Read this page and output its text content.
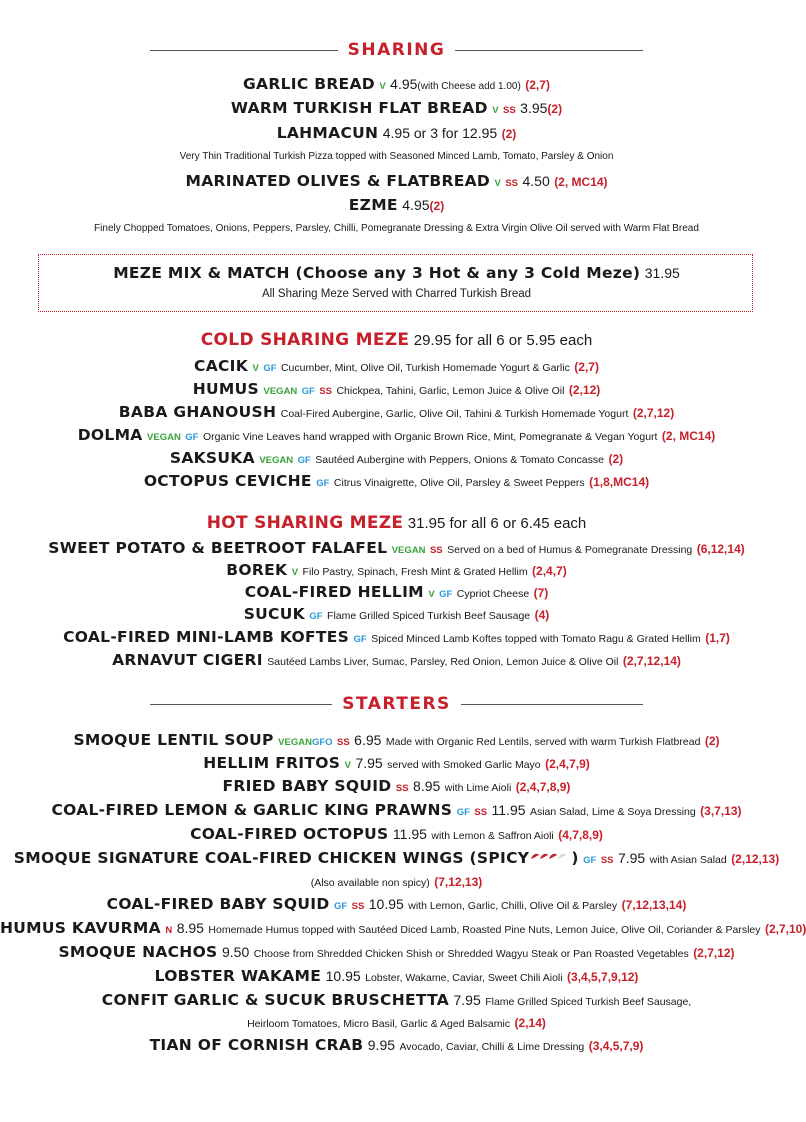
SHARING
GARLIC BREAD V 4.95(with Cheese add 1.00) (2,7)
WARM TURKISH FLAT BREAD V SS 3.95(2)
LAHMACUN 4.95 or 3 for 12.95 (2)
Very Thin Traditional Turkish Pizza topped with Seasoned Minced Lamb, Tomato, Parsley & Onion
MARINATED OLIVES & FLATBREAD V SS 4.50 (2, MC14)
EZME 4.95(2)
Finely Chopped Tomatoes, Onions, Peppers, Parsley, Chilli, Pomegranate Dressing & Extra Virgin Olive Oil served with Warm Flat Bread
MEZE MIX & MATCH (Choose any 3 Hot & any 3 Cold Meze) 31.95
All Sharing Meze Served with Charred Turkish Bread
COLD SHARING MEZE 29.95 for all 6 or 5.95 each
CACIK V GF Cucumber, Mint, Olive Oil, Turkish Homemade Yogurt & Garlic (2,7)
HUMUS VEGAN GF SS Chickpea, Tahini, Garlic, Lemon Juice & Olive Oil (2,12)
BABA GHANOUSH Coal-Fired Aubergine, Garlic, Olive Oil, Tahini & Turkish Homemade Yogurt (2,7,12)
DOLMA VEGAN GF Organic Vine Leaves hand wrapped with Organic Brown Rice, Mint, Pomegranate & Vegan Yogurt (2, MC14)
SAKSUKA VEGAN GF Sautéed Aubergine with Peppers, Onions & Tomato Concasse (2)
OCTOPUS CEVICHE GF Citrus Vinaigrette, Olive Oil, Parsley & Sweet Peppers (1,8,MC14)
HOT SHARING MEZE 31.95 for all 6 or 6.45 each
SWEET POTATO & BEETROOT FALAFEL VEGAN SS Served on a bed of Humus & Pomegranate Dressing (6,12,14)
BOREK V Filo Pastry, Spinach, Fresh Mint & Grated Hellim (2,4,7)
COAL-FIRED HELLIM V GF Cypriot Cheese (7)
SUCUK GF Flame Grilled Spiced Turkish Beef Sausage (4)
COAL-FIRED MINI-LAMB KOFTES GF Spiced Minced Lamb Koftes topped with Tomato Ragu & Grated Hellim (1,7)
ARNAVUT CIGERI Sautéed Lambs Liver, Sumac, Parsley, Red Onion, Lemon Juice & Olive Oil (2,7,12,14)
STARTERS
SMOQUE LENTIL SOUP VEGANGFO SS 6.95 Made with Organic Red Lentils, served with warm Turkish Flatbread (2)
HELLIM FRITOS V 7.95 served with Smoked Garlic Mayo (2,4,7,9)
FRIED BABY SQUID SS 8.95 with Lime Aioli (2,4,7,8,9)
COAL-FIRED LEMON & GARLIC KING PRAWNS GF SS 11.95 Asian Salad, Lime & Soya Dressing (3,7,13)
COAL-FIRED OCTOPUS 11.95 with Lemon & Saffron Aioli (4,7,8,9)
SMOQUE SIGNATURE COAL-FIRED CHICKEN WINGS (SPICY	) GF SS 7.95 with Asian Salad (2,12,13)
(Also available non spicy) (7,12,13)
COAL-FIRED BABY SQUID GF SS 10.95 with Lemon, Garlic, Chilli, Olive Oil & Parsley (7,12,13,14)
HUMUS KAVURMA N 8.95 Homemade Humus topped with Sautéed Diced Lamb, Roasted Pine Nuts, Lemon Juice, Olive Oil, Coriander & Parsley (2,7,10)
SMOQUE NACHOS 9.50 Choose from Shredded Chicken Shish or Shredded Wagyu Steak or Pan Roasted Vegetables (2,7,12)
LOBSTER WAKAME 10.95 Lobster, Wakame, Caviar, Sweet Chili Aioli (3,4,5,7,9,12)
CONFIT GARLIC & SUCUK BRUSCHETTA 7.95 Flame Grilled Spiced Turkish Beef Sausage,
Heirloom Tomatoes, Micro Basil, Garlic & Aged Balsamic (2,14)
TIAN OF CORNISH CRAB 9.95 Avocado, Caviar, Chilli & Lime Dressing (3,4,5,7,9)
